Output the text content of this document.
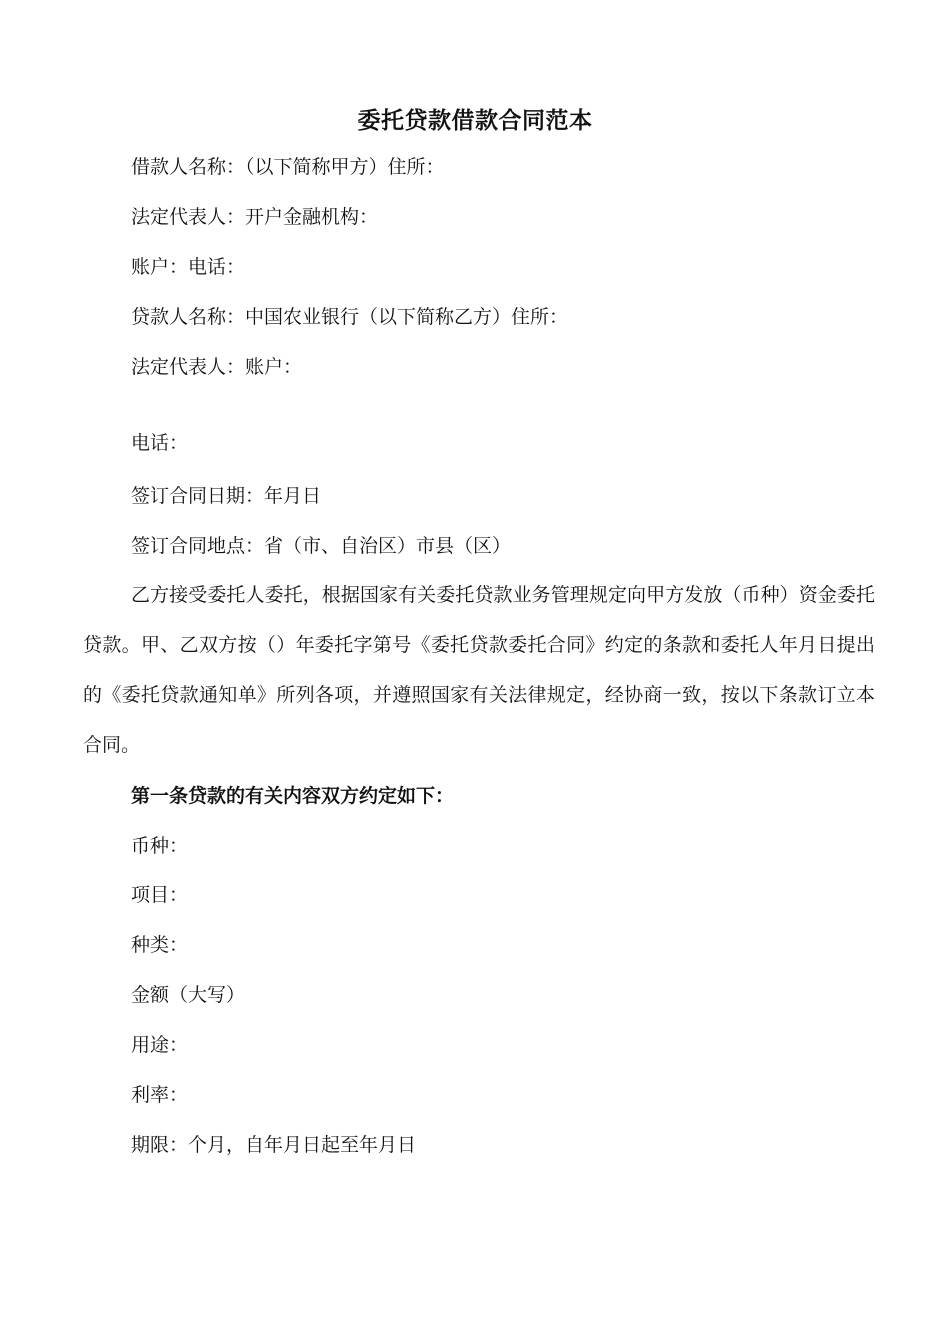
委托贷款借款合同范本
借款人名称：（以下简称甲方）住所：
法定代表人：开户金融机构：
账户：电话：
贷款人名称：中国农业银行（以下简称乙方）住所：
法定代表人：账户：
电话：
签订合同日期：年月日
签订合同地点：省（市、自治区）市县（区）
乙方接受委托人委托，根据国家有关委托贷款业务管理规定向甲方发放（币种）资金委托贷款。甲、乙双方按（）年委托字第号《委托贷款委托合同》约定的条款和委托人年月日提出的《委托贷款通知单》所列各项，并遵照国家有关法律规定，经协商一致，按以下条款订立本合同。
第一条贷款的有关内容双方约定如下：
币种：
项目：
种类：
金额（大写）
用途：
利率：
期限：个月，自年月日起至年月日
